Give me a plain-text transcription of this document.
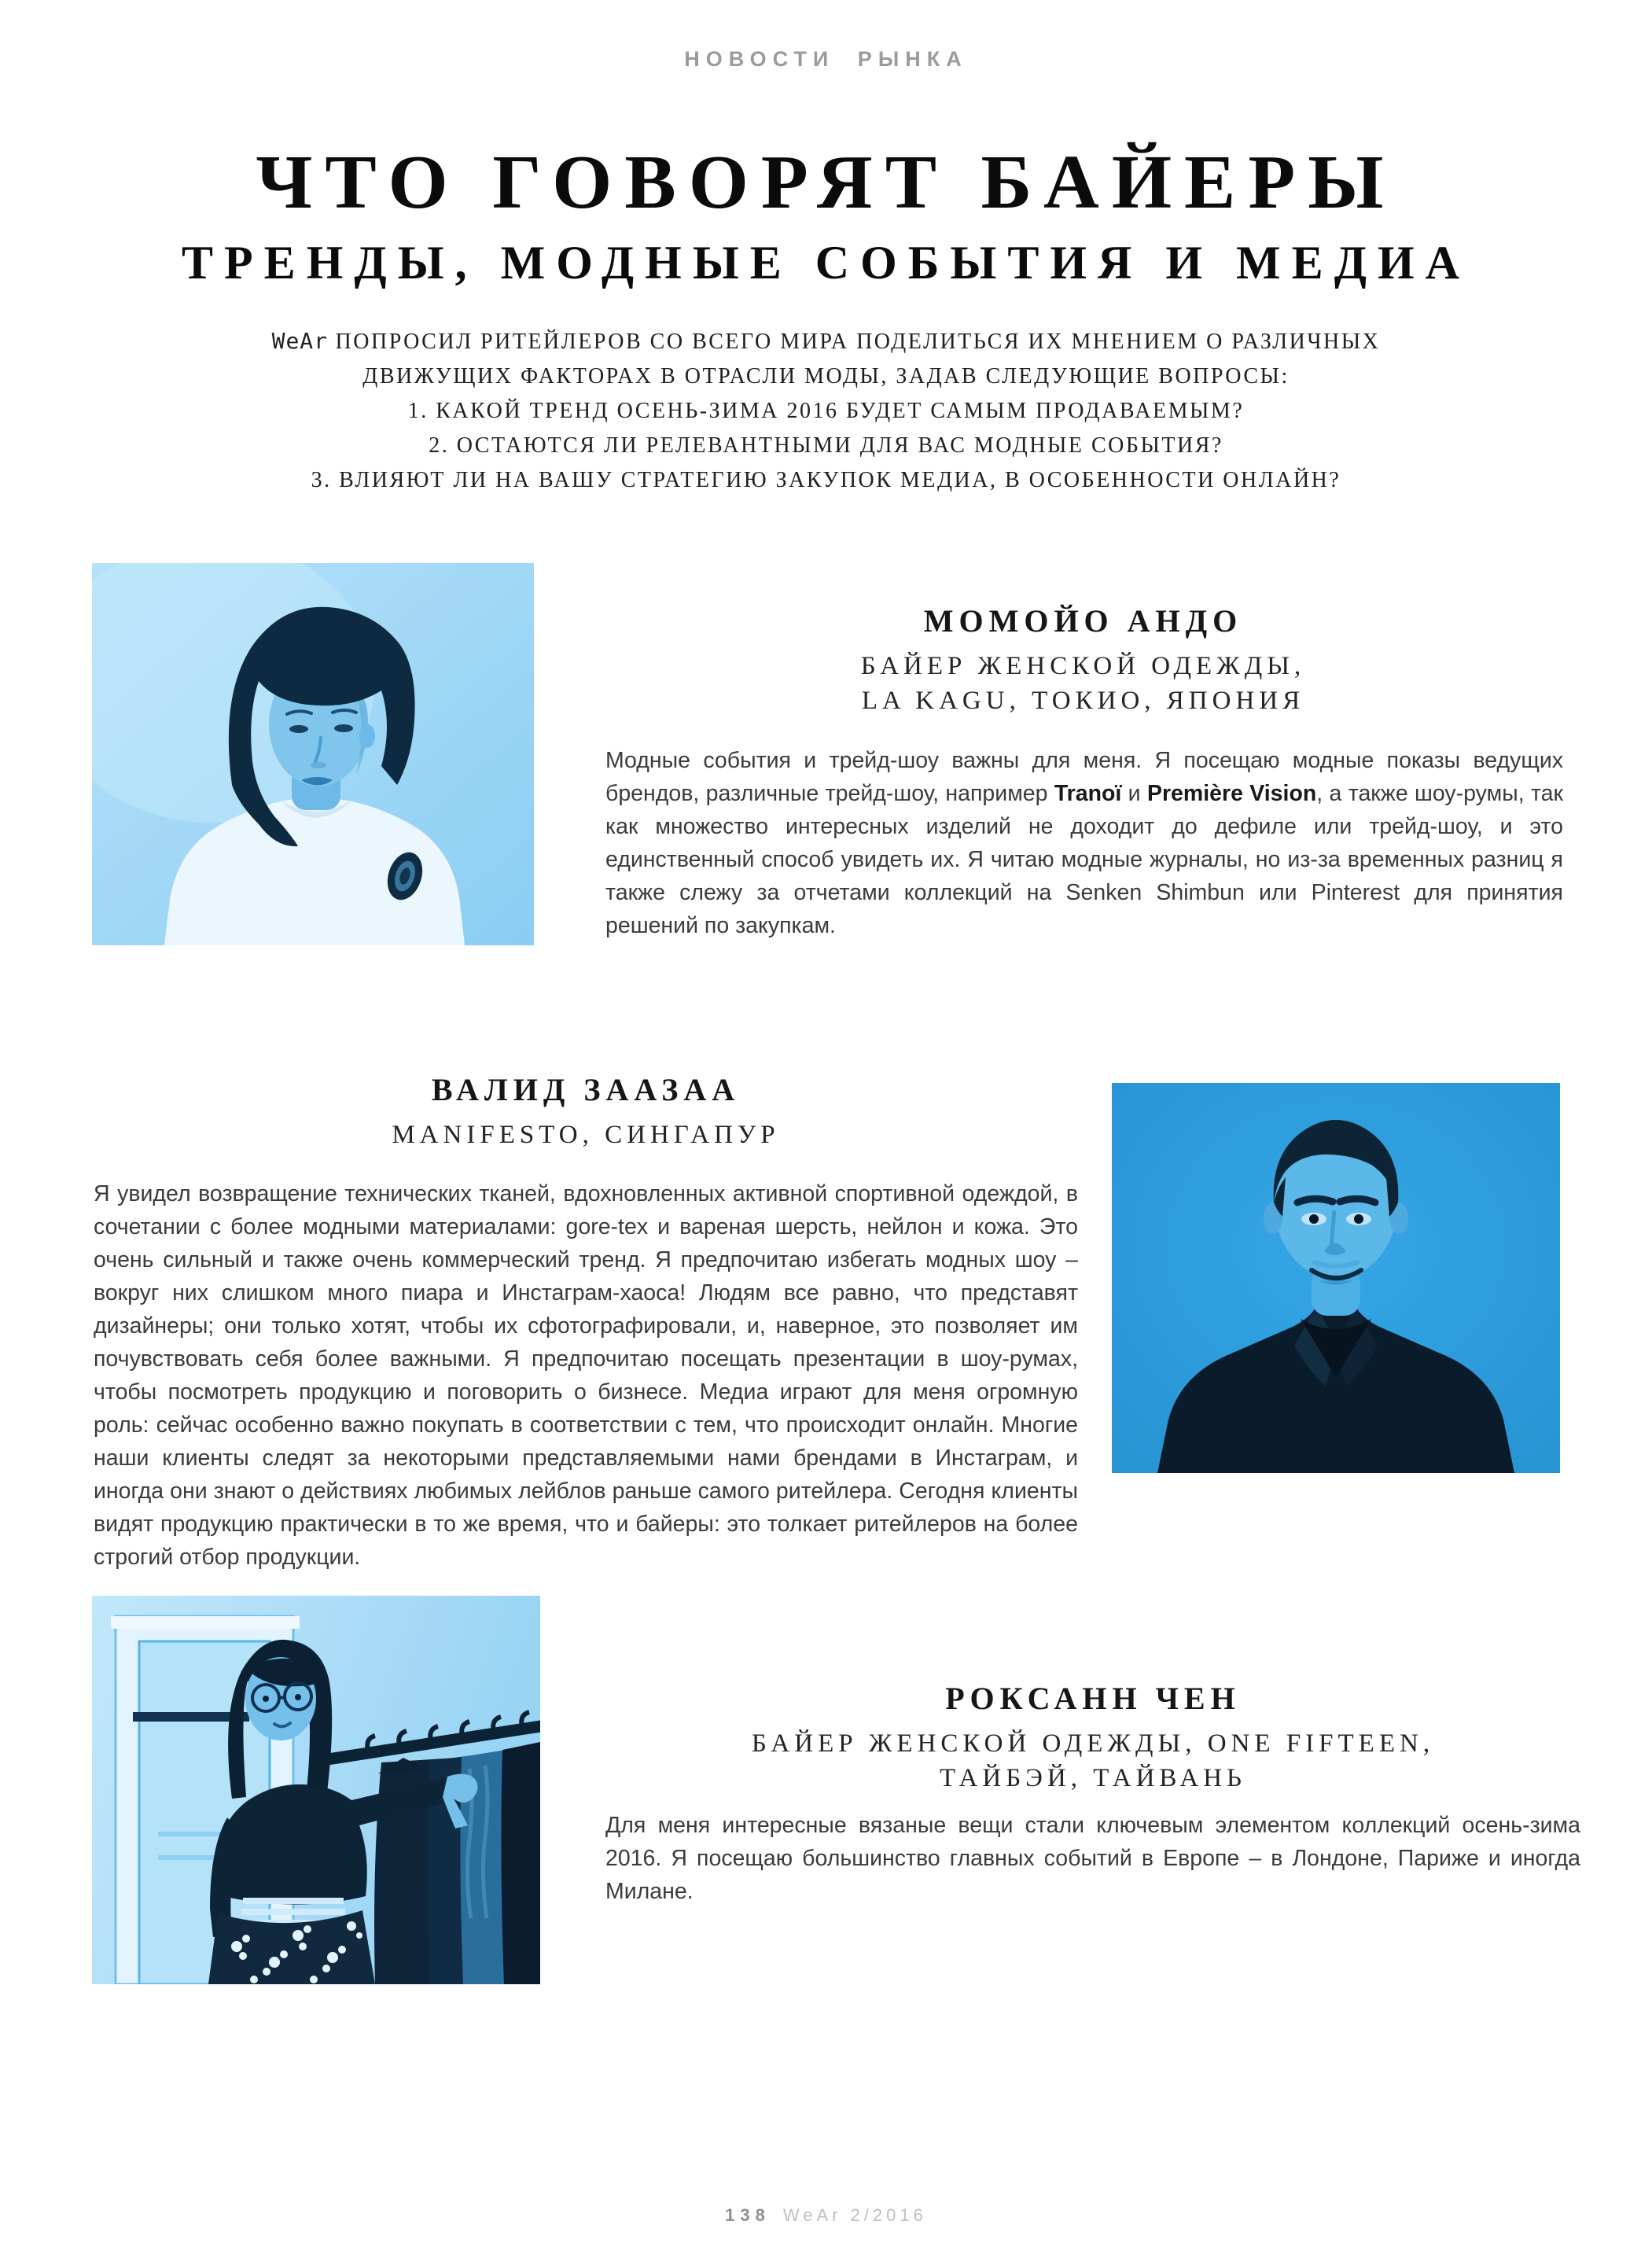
НОВОСТИ РЫНКА
ЧТО ГОВОРЯТ БАЙЕРЫ
ТРЕНДЫ, МОДНЫЕ СОБЫТИЯ И МЕДИА
WeAr ПОПРОСИЛ РИТЕЙЛЕРОВ СО ВСЕГО МИРА ПОДЕЛИТЬСЯ ИХ МНЕНИЕМ О РАЗЛИЧНЫХ
ДВИЖУЩИХ ФАКТОРАХ В ОТРАСЛИ МОДЫ, ЗАДАВ СЛЕДУЮЩИЕ ВОПРОСЫ:
1. КАКОЙ ТРЕНД ОСЕНЬ-ЗИМА 2016 БУДЕТ САМЫМ ПРОДАВАЕМЫМ?
2. ОСТАЮТСЯ ЛИ РЕЛЕВАНТНЫМИ ДЛЯ ВАС МОДНЫЕ СОБЫТИЯ?
3. ВЛИЯЮТ ЛИ НА ВАШУ СТРАТЕГИЮ ЗАКУПОК МЕДИА, В ОСОБЕННОСТИ ОНЛАЙН?
МОМОЙО АНДО
БАЙЕР ЖЕНСКОЙ ОДЕЖДЫ,
LA KAGU, ТОКИО, ЯПОНИЯ
Модные события и трейд-шоу важны для меня. Я посещаю модные показы ведущих брендов, различные трейд-шоу, например Tranoï и Première Vision, а также шоу-румы, так как множество интересных изделий не доходит до дефиле или трейд-шоу, и это единственный способ увидеть их. Я читаю модные журналы, но из-за временных разниц я также слежу за отчетами коллекций на Senken Shimbun или Pinterest для принятия решений по закупкам.
ВАЛИД ЗААЗАА
MANIFESTO, СИНГАПУР
Я увидел возвращение технических тканей, вдохновленных активной спортивной одеждой, в сочетании с более модными материалами: gore-tex и вареная шерсть, нейлон и кожа. Это очень сильный и также очень коммерческий тренд. Я предпочитаю избегать модных шоу – вокруг них слишком много пиара и Инстаграм-хаоса! Людям все равно, что представят дизайнеры; они только хотят, чтобы их сфотографировали, и, наверное, это позволяет им почувствовать себя более важными. Я предпочитаю посещать презентации в шоу-румах, чтобы посмотреть продукцию и поговорить о бизнесе. Медиа играют для меня огромную роль: сейчас особенно важно покупать в соответствии с тем, что происходит онлайн. Многие наши клиенты следят за некоторыми представляемыми нами брендами в Инстаграм, и иногда они знают о действиях любимых лейблов раньше самого ритейлера. Сегодня клиенты видят продукцию практически в то же время, что и байеры: это толкает ритейлеров на более строгий отбор продукции.
РОКСАНН ЧЕН
БАЙЕР ЖЕНСКОЙ ОДЕЖДЫ, ONE FIFTEEN,
ТАЙБЭЙ, ТАЙВАНЬ
Для меня интересные вязаные вещи стали ключевым элементом коллекций осень-зима 2016. Я посещаю большинство главных событий в Европе – в Лондоне, Париже и иногда Милане.
138 WeAr 2/2016
